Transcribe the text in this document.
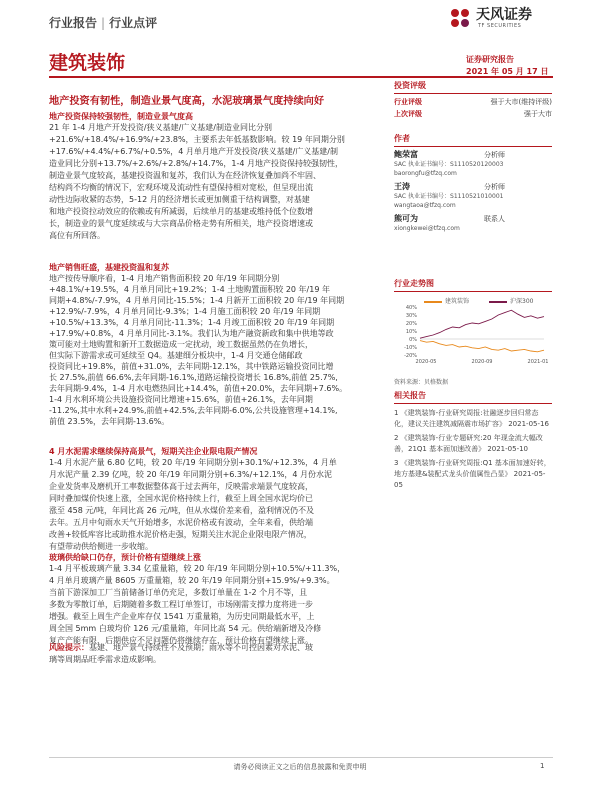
行业报告 | 行业点评	天风证券
TF SECURITIES
建筑装饰	证券研究报告
2021 年 05 月 17 日
地产投资有韧性，制造业景气度高，水泥玻璃景气度持续向好
地产投资保持较强韧性，制造业景气度高
21 年 1-4 月地产开发投资/狭义基建/广义基建/制造业同比分别
+21.6%/+18.4%/+16.9%/+23.8%，主要系去年低基数影响。较 19 年同期分别
+17.6%/+4.4%/+6.7%/+0.5%，4 月单月地产开发投资/狭义基建/广义基建/制
造业同比分别+13.7%/+2.6%/+2.8%/+14.7%，1-4 月地产投资保持较强韧性，
制造业景气度较高，基建投资温和复苏，我们认为在经济恢复叠加尚不牢固、
结构尚不均衡的情况下，宏观环境及流动性有望保持相对宽松，但呈现出流
动性边际收紧的态势，5-12 月的经济增长或更加侧重于结构调整，对基建
和地产投资拉动效应的依赖或有所减弱，后续单月的基建或维持低个位数增
长，制造业的景气度延续或与大宗商品价格走势有所相关，地产投资增速或
高位有所回落。
地产销售旺盛，基建投资温和复苏
地产按传导顺序看，1-4 月地产销售面积较 20 年/19 年同期分别
+48.1%/+19.5%，4 月单月同比+19.2%；1-4 土地购置面积较 20 年/19 年
同期+4.8%/-7.9%，4 月单月同比-15.5%；1-4 月新开工面积较 20 年/19 年同期
+12.9%/-7.9%，4 月单月同比-9.3%；1-4 月施工面积较 20 年/19 年同期
+10.5%/+13.3%，4 月单月同比-11.3%；1-4 月竣工面积较 20 年/19 年同期
+17.9%/+0.8%，4 月单月同比-3.1%。我们认为地产融资新政和集中供地等政
策可能对土地购置和新开工数据造成一定扰动，竣工数据虽然仍在负增长，
但实际下游需求或可延续至 Q4。基建细分板块中，1-4 月交通仓储邮政
投资同比+19.8%，前值+31.0%，去年同期-12.1%，其中铁路运输投资同比增
长 27.5%,前值 66.6%,去年同期-16.1%,道路运输投资增长 16.8%,前值 25.7%,
去年同期-9.4%，1-4 月水电燃热同比+14.4%，前值+20.0%，去年同期+7.6%。
1-4 月水利环境公共设施投资同比增速+15.6%，前值+26.1%，去年同期
-11.2%,其中水利+24.9%,前值+42.5%,去年同期-6.0%,公共设施管理+14.1%,
前值 23.5%，去年同期-13.6%。
4 月水泥需求继续保持高景气，短期关注企业限电限产情况
1-4 月水泥产量 6.80 亿吨，较 20 年/19 年同期分别+30.1%/+12.3%，4 月单
月水泥产量 2.39 亿吨，较 20 年/19 年同期分别+6.3%/+12.1%，4 月份水泥
企业发货率及磨机开工率数据整体高于过去两年，反映需求端景气度较高，
同时叠加煤价快速上涨，全国水泥价格持续上行，截至上周全国水泥均价已
涨至 458 元/吨，年同比高 26 元/吨，但从水煤价差来看，盈利情况仍不及
去年。五月中旬雨水天气开始增多，水泥价格或有波动，全年来看，供给端
改善+较低库容比或助推水泥价格走强，短期关注水泥企业限电限产情况，
有望带动供给侧进一步收缩。
玻璃供给缺口仍存，预计价格有望继续上涨
1-4 月平板玻璃产量 3.34 亿重量箱，较 20 年/19 年同期分别+10.5%/+11.3%，
4 月单月玻璃产量 8605 万重量箱，较 20 年/19 年同期分别+15.9%/+9.3%。
当前下游深加工厂当前储备订单仍充足，多数订单量在 1-2 个月不等，且
多数为零散订单，后期随着多数工程订单签订，市场刚需支撑力度将进一步
增强。截至上周生产企业库存仅 1541 万重量箱，为历史同期最低水平，上
周全国 5mm 白玻均价 126 元/重量箱，年同比高 54 元。供给端新增及冷修
复产产能有限，后期供应不足问题仍将继续存在，预计价格有望继续上涨。
风险提示：基建、地产景气持续性不及预期；雨水等不可控因素对水泥、玻
璃等周期品旺季需求造成影响。
投资评级
行业评级	强于大市(维持评级)
上次评级	强于大市
作者
鲍荣富	分析师
SAC 执业证书编号：S1110520120003
baorongfu@tfzq.com
王涛	分析师
SAC 执业证书编号：S1110521010001
wangtaoa@tfzq.com
熊可为	联系人
xiongkewei@tfzq.com
行业走势图
建筑装饰	沪深300
40%
30%
20%
10%
0%
-10%
-20%
2020-05	2020-09	2021-01
资料来源：贝格数据
相关报告
1 《建筑装饰-行业研究周报:社融逐步回归常态化，建议关注建筑减隔震市场扩容》 2021-05-16
2 《建筑装饰-行业专题研究:20 年现金流大幅改善，21Q1 基本面加速改善》 2021-05-10
3 《建筑装饰-行业研究周报:Q1 基本面加速好转，地方基建&装配式龙头价值属性凸显》 2021-05-05
请务必阅读正文之后的信息披露和免责申明	1
